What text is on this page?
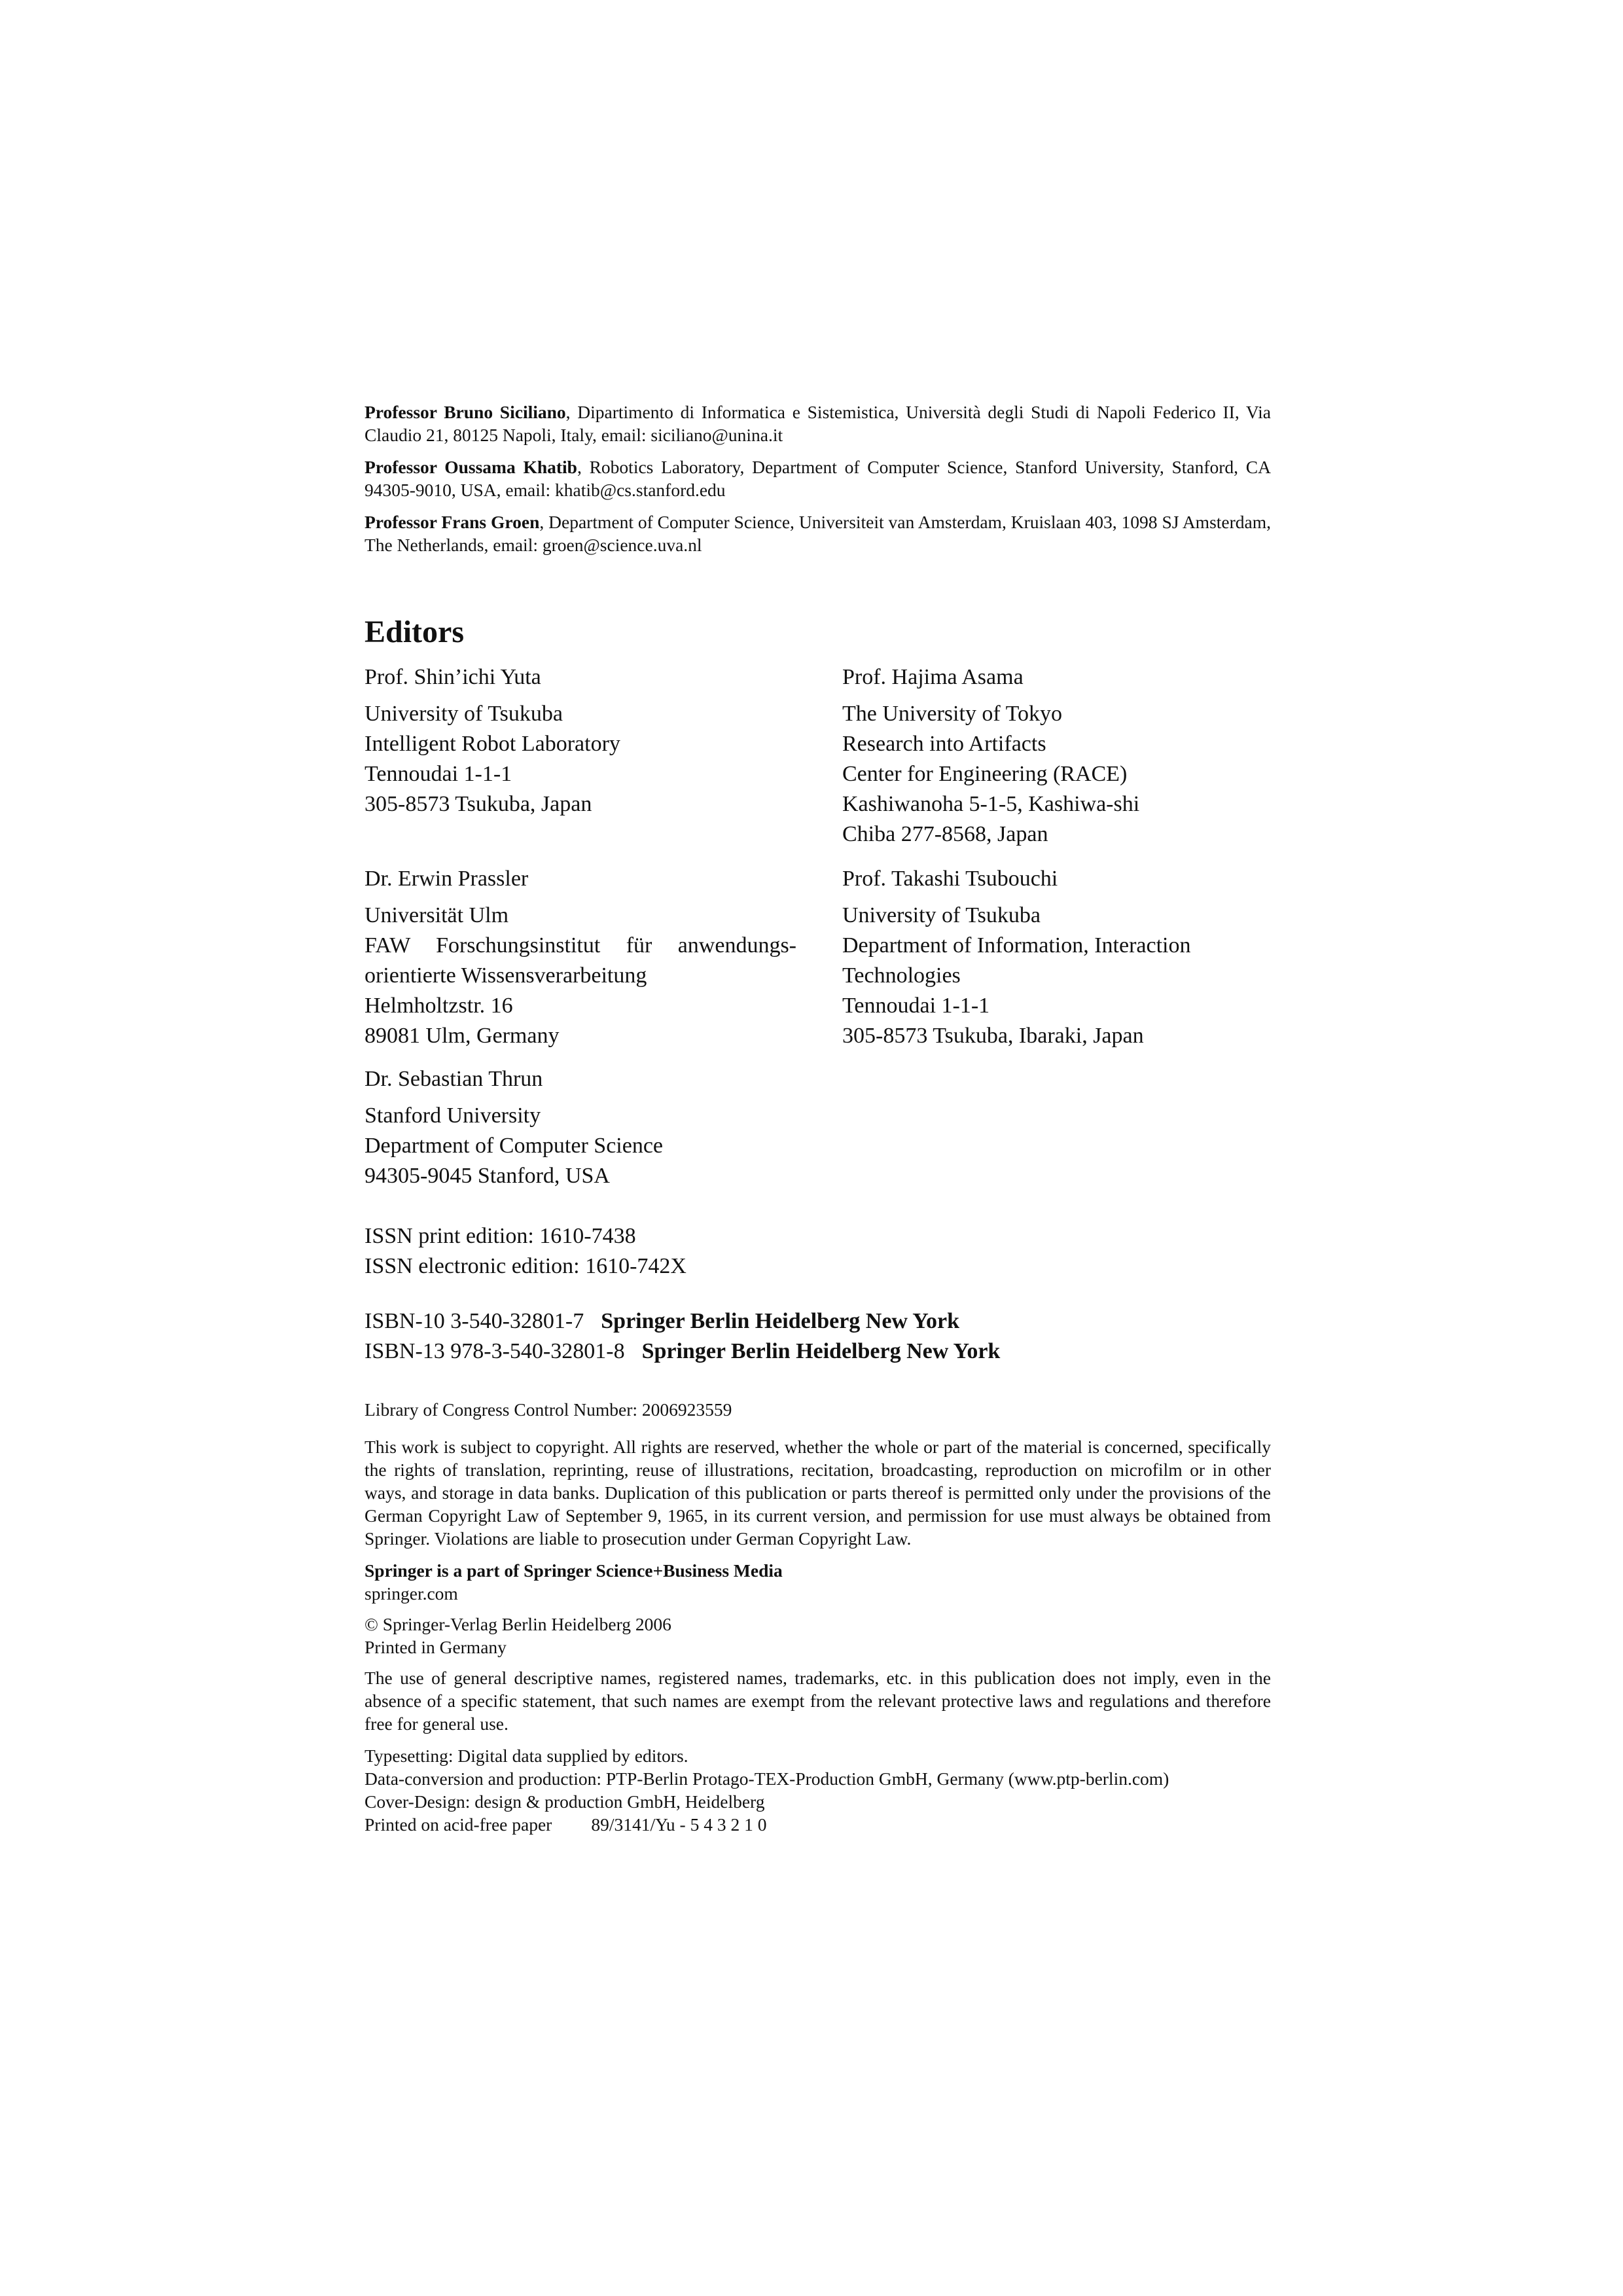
Professor Bruno Siciliano, Dipartimento di Informatica e Sistemistica, Università degli Studi di Napoli Federico II, Via Claudio 21, 80125 Napoli, Italy, email: siciliano@unina.it

Professor Oussama Khatib, Robotics Laboratory, Department of Computer Science, Stanford University, Stanford, CA 94305-9010, USA, email: khatib@cs.stanford.edu

Professor Frans Groen, Department of Computer Science, Universiteit van Amsterdam, Kruislaan 403, 1098 SJ Amsterdam, The Netherlands, email: groen@science.uva.nl

Editors
Prof. Shin’ichi Yuta
University of Tsukuba
Intelligent Robot Laboratory
Tennoudai 1-1-1
305-8573 Tsukuba, Japan
Prof. Hajima Asama
The University of Tokyo
Research into Artifacts
Center for Engineering (RACE)
Kashiwanoha 5-1-5, Kashiwa-shi
Chiba 277-8568, Japan
Dr. Erwin Prassler
Universität Ulm
FAW Forschungsinstitut für anwendungs-
orientierte Wissensverarbeitung
Helmholtzstr. 16
89081 Ulm, Germany
Prof. Takashi Tsubouchi
University of Tsukuba
Department of Information, Interaction
Technologies
Tennoudai 1-1-1
305-8573 Tsukuba, Ibaraki, Japan
Dr. Sebastian Thrun
Stanford University
Department of Computer Science
94305-9045 Stanford, USA
ISSN print edition: 1610-7438
ISSN electronic edition: 1610-742X
ISBN-10 3-540-32801-7 Springer Berlin Heidelberg New York
ISBN-13 978-3-540-32801-8 Springer Berlin Heidelberg New York

Library of Congress Control Number: 2006923559

This work is subject to copyright. All rights are reserved, whether the whole or part of the material is concerned, specifically the rights of translation, reprinting, reuse of illustrations, recitation, broadcasting, reproduction on microfilm or in other ways, and storage in data banks. Duplication of this publication or parts thereof is permitted only under the provisions of the German Copyright Law of September 9, 1965, in its current version, and permission for use must always be obtained from Springer. Violations are liable to prosecution under German Copyright Law.

Springer is a part of Springer Science+Business Media
springer.com

© Springer-Verlag Berlin Heidelberg 2006
Printed in Germany

The use of general descriptive names, registered names, trademarks, etc. in this publication does not imply, even in the absence of a specific statement, that such names are exempt from the relevant protective laws and regulations and therefore free for general use.

Typesetting: Digital data supplied by editors.
Data-conversion and production: PTP-Berlin Protago-TEX-Production GmbH, Germany (www.ptp-berlin.com)
Cover-Design: design & production GmbH, Heidelberg
Printed on acid-free paper 89/3141/Yu - 5 4 3 2 1 0
